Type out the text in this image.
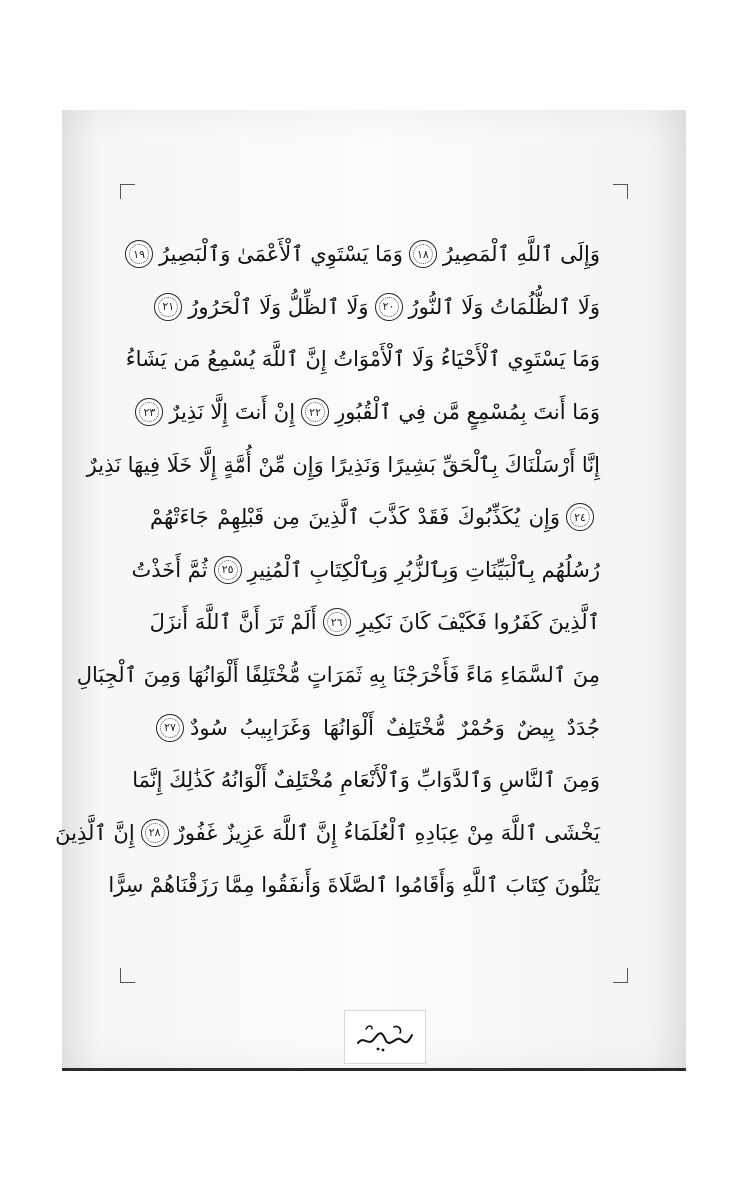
وَإِلَى ٱللَّهِ ٱلْمَصِيرُ
١٨
وَمَا يَسْتَوِي ٱلْأَعْمَىٰ وَٱلْبَصِيرُ
١٩
وَلَا ٱلظُّلُمَاتُ وَلَا ٱلنُّورُ
٢٠
وَلَا ٱلظِّلُّ وَلَا ٱلْحَرُورُ
٢١
وَمَا يَسْتَوِي ٱلْأَحْيَاءُ وَلَا ٱلْأَمْوَاتُ إِنَّ ٱللَّهَ يُسْمِعُ مَن يَشَاءُ
وَمَا أَنتَ بِمُسْمِعٍ مَّن فِي ٱلْقُبُورِ
٢٢
إِنْ أَنتَ إِلَّا نَذِيرٌ
٢٣
إِنَّا أَرْسَلْنَاكَ بِٱلْحَقِّ بَشِيرًا وَنَذِيرًا وَإِن مِّنْ أُمَّةٍ إِلَّا خَلَا فِيهَا نَذِيرٌ
٢٤
وَإِن يُكَذِّبُوكَ فَقَدْ كَذَّبَ ٱلَّذِينَ مِن قَبْلِهِمْ جَاءَتْهُمْ
رُسُلُهُم بِٱلْبَيِّنَاتِ وَبِٱلزُّبُرِ وَبِٱلْكِتَابِ ٱلْمُنِيرِ
٢٥
ثُمَّ أَخَذْتُ
ٱلَّذِينَ كَفَرُوا فَكَيْفَ كَانَ نَكِيرِ
٢٦
أَلَمْ تَرَ أَنَّ ٱللَّهَ أَنزَلَ
مِنَ ٱلسَّمَاءِ مَاءً فَأَخْرَجْنَا بِهِ ثَمَرَاتٍ مُّخْتَلِفًا أَلْوَانُهَا وَمِنَ ٱلْجِبَالِ
جُدَدٌ بِيضٌ وَحُمْرٌ مُّخْتَلِفٌ أَلْوَانُهَا وَغَرَابِيبُ سُودٌ
٢٧
وَمِنَ ٱلنَّاسِ وَٱلدَّوَابِّ وَٱلْأَنْعَامِ مُخْتَلِفٌ أَلْوَانُهُ كَذَٰلِكَ إِنَّمَا
يَخْشَى ٱللَّهَ مِنْ عِبَادِهِ ٱلْعُلَمَاءُ إِنَّ ٱللَّهَ عَزِيزٌ غَفُورٌ
٢٨
إِنَّ ٱلَّذِينَ
يَتْلُونَ كِتَابَ ٱللَّهِ وَأَقَامُوا ٱلصَّلَاةَ وَأَنفَقُوا مِمَّا رَزَقْنَاهُمْ سِرًّا
